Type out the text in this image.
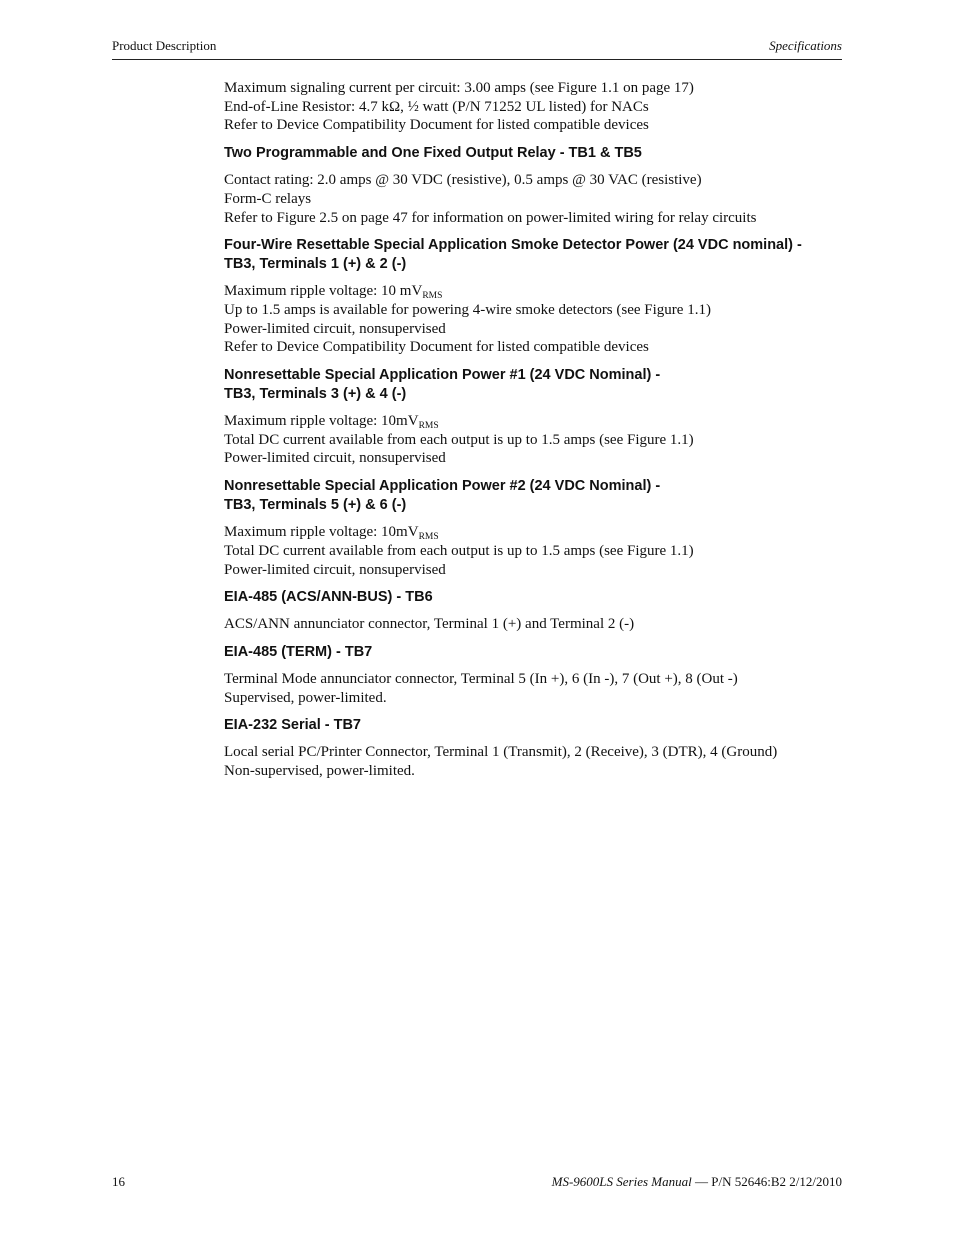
Product Description	Specifications
Maximum signaling current per circuit: 3.00 amps (see Figure 1.1 on page 17)
End-of-Line Resistor: 4.7 kΩ, ½ watt (P/N 71252 UL listed) for NACs
Refer to Device Compatibility Document for listed compatible devices
Two Programmable and One Fixed Output Relay - TB1 & TB5
Contact rating: 2.0 amps @ 30 VDC (resistive), 0.5 amps @ 30 VAC (resistive)
Form-C relays
Refer to Figure 2.5 on page 47 for information on power-limited wiring for relay circuits
Four-Wire Resettable Special Application Smoke Detector Power (24 VDC nominal) -
TB3, Terminals 1 (+) & 2 (-)
Maximum ripple voltage: 10 $mV_{RMS}$
Up to 1.5 amps is available for powering 4-wire smoke detectors (see Figure 1.1)
Power-limited circuit, nonsupervised
Refer to Device Compatibility Document for listed compatible devices
Nonresettable Special Application Power #1 (24 VDC Nominal) -
TB3, Terminals 3 (+) & 4 (-)
Maximum ripple voltage: $10mV_{RMS}$
Total DC current available from each output is up to 1.5 amps (see Figure 1.1)
Power-limited circuit, nonsupervised
Nonresettable Special Application Power #2 (24 VDC Nominal) -
TB3, Terminals 5 (+) & 6 (-)
Maximum ripple voltage: $10mV_{RMS}$
Total DC current available from each output is up to 1.5 amps (see Figure 1.1)
Power-limited circuit, nonsupervised
EIA-485 (ACS/ANN-BUS) - TB6
ACS/ANN annunciator connector, Terminal 1 (+) and Terminal 2 (-)
EIA-485 (TERM) - TB7
Terminal Mode annunciator connector, Terminal 5 (In +), 6 (In -), 7 (Out +), 8 (Out -)
Supervised, power-limited.
EIA-232 Serial - TB7
Local serial PC/Printer Connector, Terminal 1 (Transmit), 2 (Receive), 3 (DTR), 4 (Ground)
Non-supervised, power-limited.
16	MS-9600LS Series Manual — P/N 52646:B2 2/12/2010
